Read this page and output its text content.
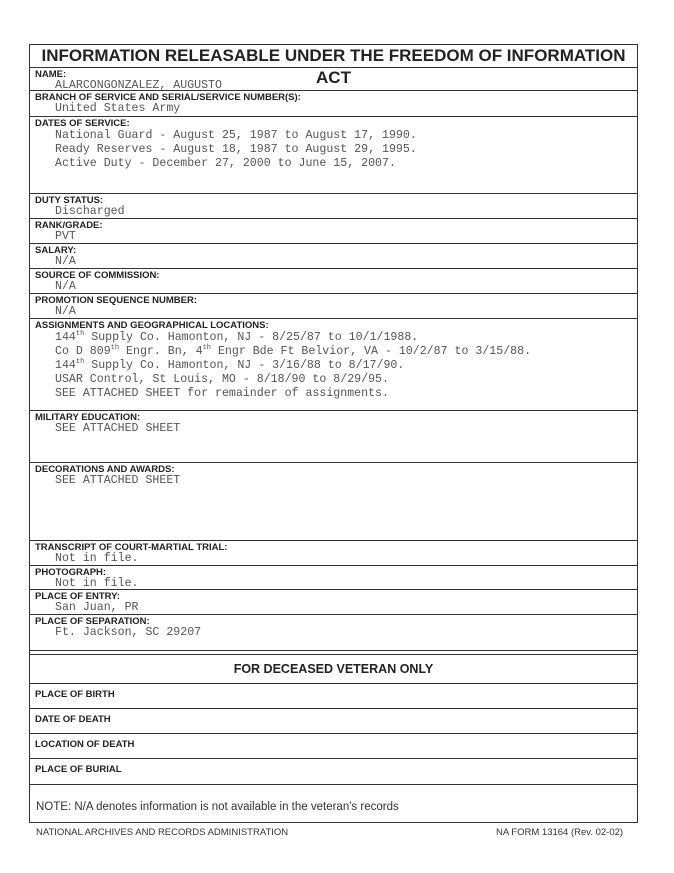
INFORMATION RELEASABLE UNDER THE FREEDOM OF INFORMATION ACT
NAME:
ALARCONGONZALEZ, AUGUSTO
BRANCH OF SERVICE AND SERIAL/SERVICE NUMBER(S):
United States Army
DATES OF SERVICE:
National Guard - August 25, 1987 to August 17, 1990.
Ready Reserves - August 18, 1987 to August 29, 1995.
Active Duty - December 27, 2000 to June 15, 2007.
DUTY STATUS:
Discharged
RANK/GRADE:
PVT
SALARY:
N/A
SOURCE OF COMMISSION:
N/A
PROMOTION SEQUENCE NUMBER:
N/A
ASSIGNMENTS AND GEOGRAPHICAL LOCATIONS:
144th Supply Co. Hamonton, NJ - 8/25/87 to 10/1/1988.
Co D 809th Engr. Bn, 4th Engr Bde Ft Belvior, VA - 10/2/87 to 3/15/88.
144th Supply Co. Hamonton, NJ - 3/16/88 to 8/17/90.
USAR Control, St Louis, MO - 8/18/90 to 8/29/95.
SEE ATTACHED SHEET for remainder of assignments.
MILITARY EDUCATION:
SEE ATTACHED SHEET
DECORATIONS AND AWARDS:
SEE ATTACHED SHEET
TRANSCRIPT OF COURT-MARTIAL TRIAL:
Not in file.
PHOTOGRAPH:
Not in file.
PLACE OF ENTRY:
San Juan, PR
PLACE OF SEPARATION:
Ft. Jackson, SC 29207
FOR DECEASED VETERAN ONLY
PLACE OF BIRTH
DATE OF DEATH
LOCATION OF DEATH
PLACE OF BURIAL
NOTE: N/A denotes information is not available in the veteran's records
NATIONAL ARCHIVES AND RECORDS ADMINISTRATION	NA FORM 13164 (Rev. 02-02)
